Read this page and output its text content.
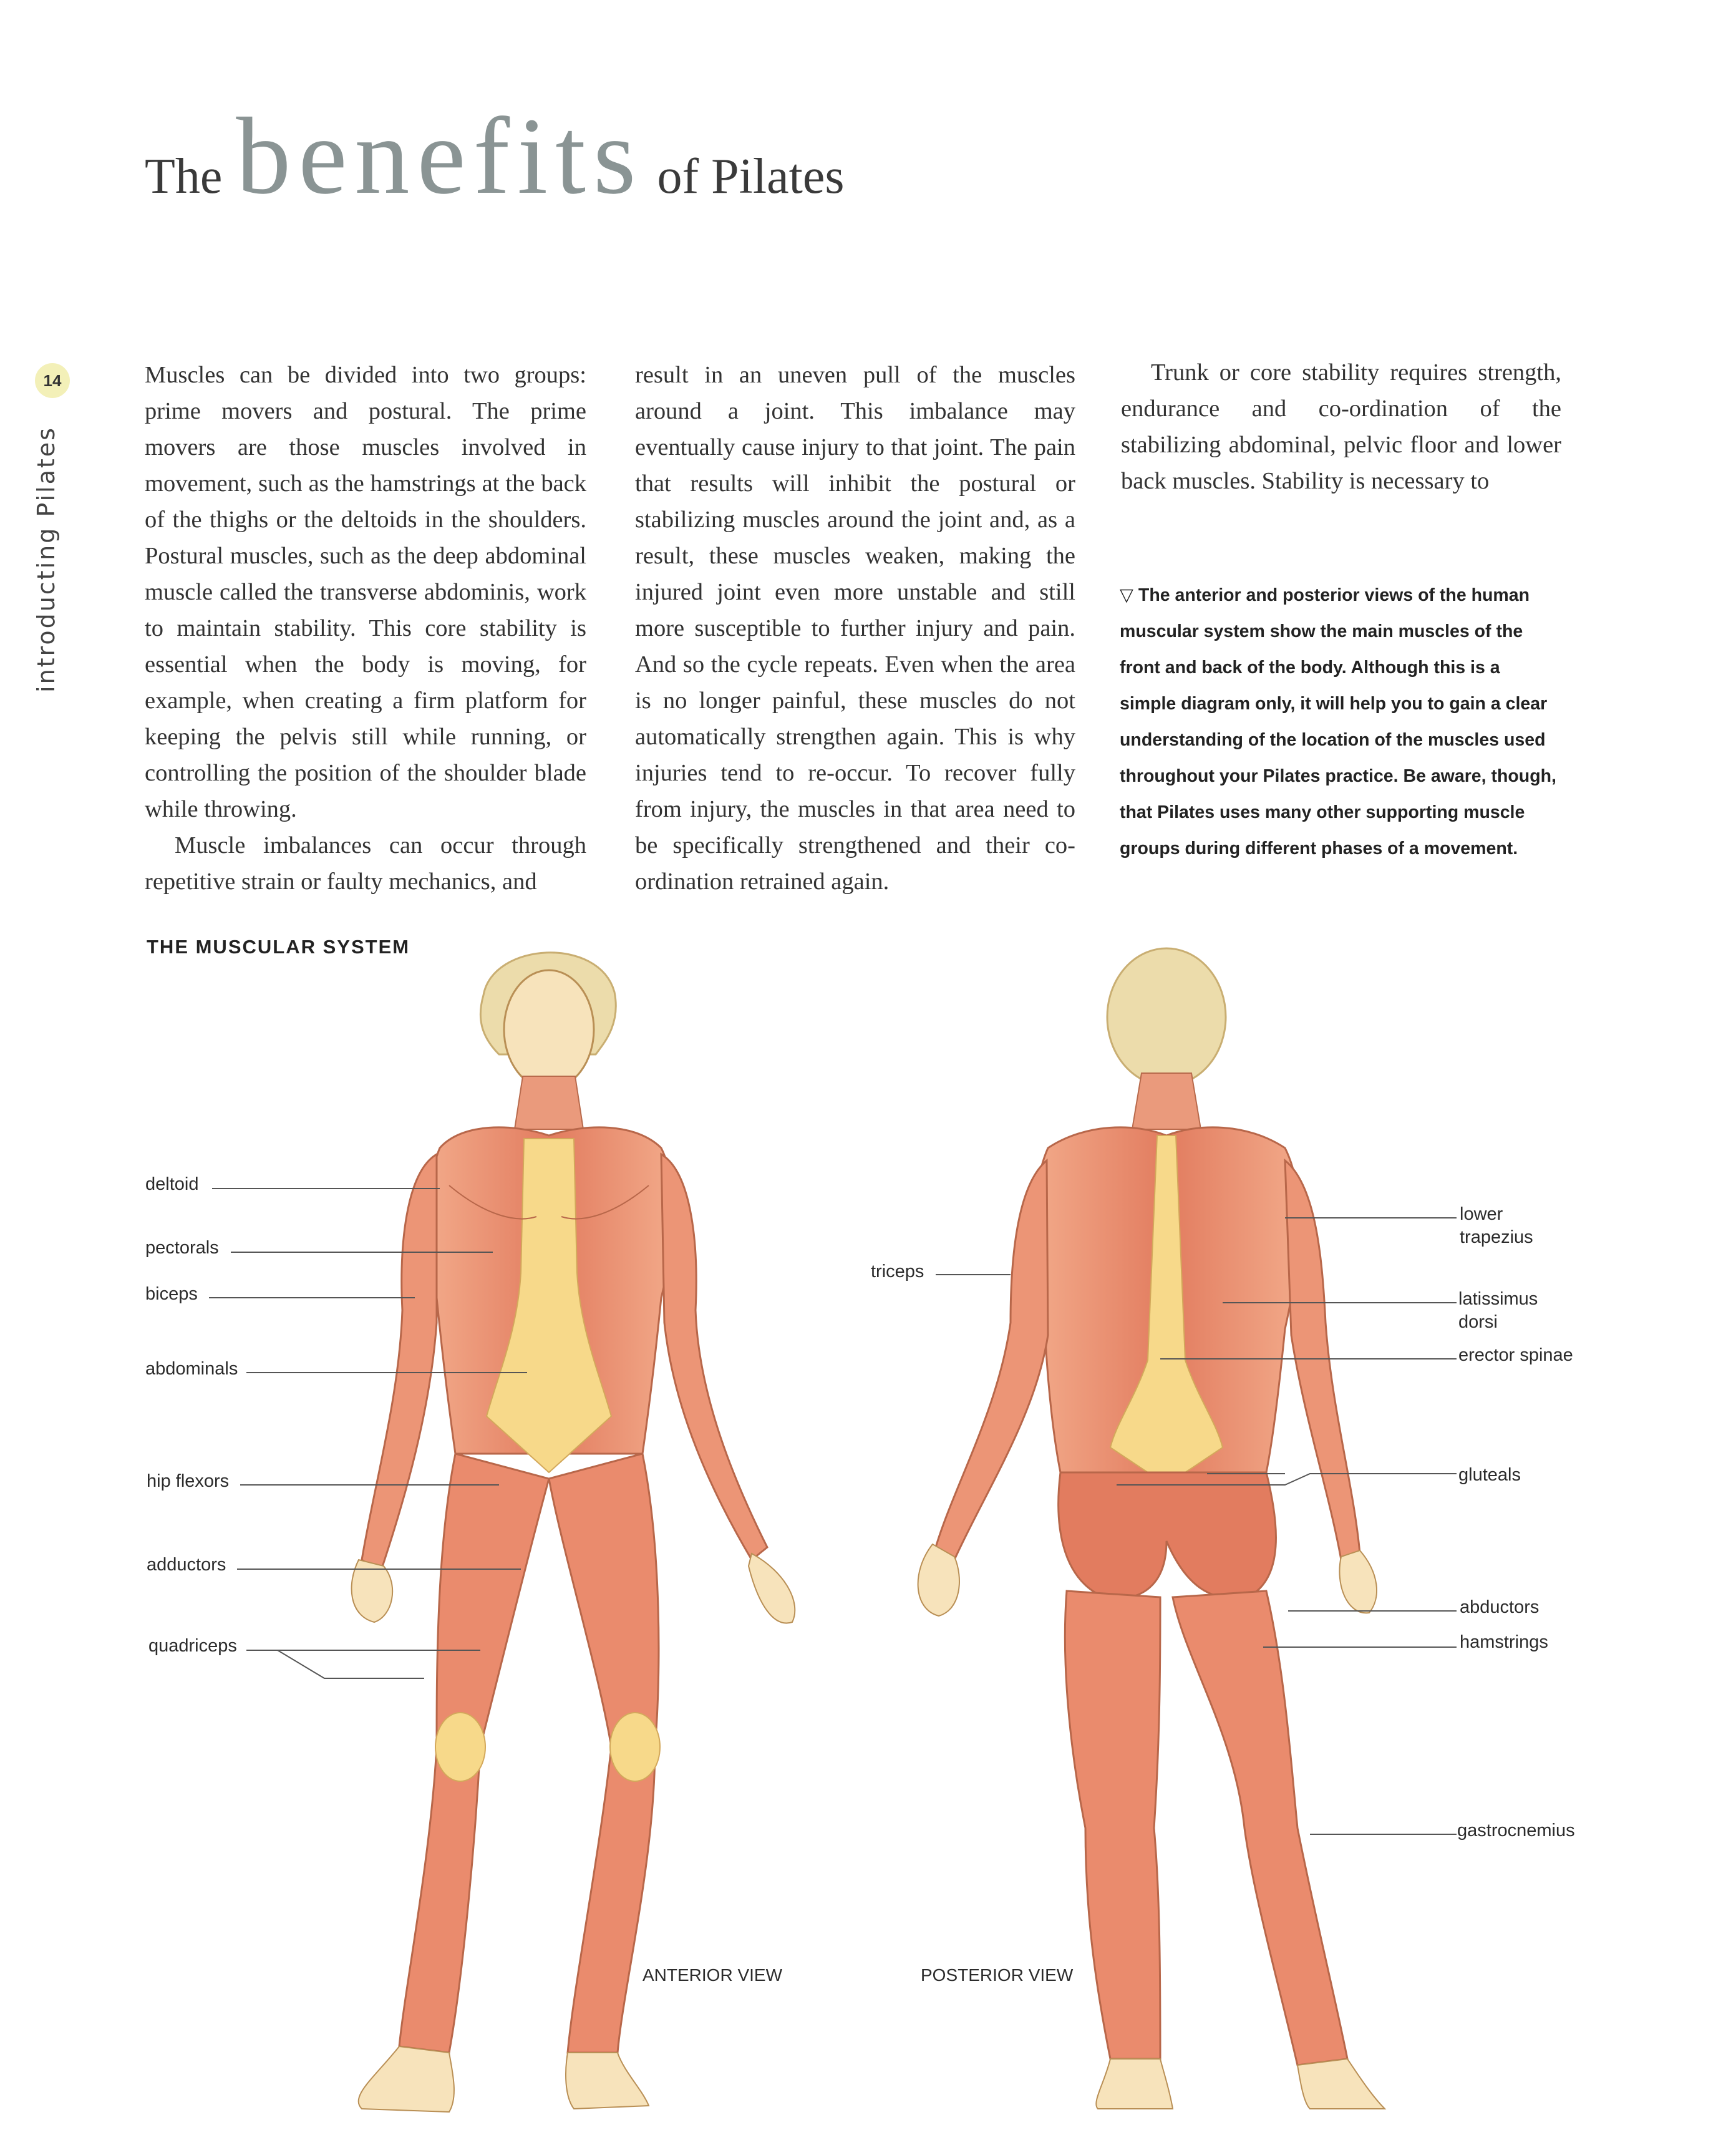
The benefits of Pilates
14
introducting Pilates

Muscles can be divided into two groups: prime movers and postural. The prime movers are those muscles involved in movement, such as the hamstrings at the back of the thighs or the deltoids in the shoulders. Postural muscles, such as the deep abdominal muscle called the transverse abdominis, work to maintain stability. This core stability is essential when the body is moving, for example, when creating a firm platform for keeping the pelvis still while running, or controlling the position of the shoulder blade while throwing.

Muscle imbalances can occur through repetitive strain or faulty mechanics, and

result in an uneven pull of the muscles around a joint. This imbalance may eventually cause injury to that joint. The pain that results will inhibit the postural or stabilizing muscles around the joint and, as a result, these muscles weaken, making the injured joint even more unstable and still more susceptible to further injury and pain. And so the cycle repeats. Even when the area is no longer painful, these muscles do not automatically strengthen again. This is why injuries tend to re-occur. To recover fully from injury, the muscles in that area need to be specifically strengthened and their co-ordination retrained again.

Trunk or core stability requires strength, endurance and co-ordination of the stabilizing abdominal, pelvic floor and lower back muscles. Stability is necessary to

▽ The anterior and posterior views of the human muscular system show the main muscles of the front and back of the body. Although this is a simple diagram only, it will help you to gain a clear understanding of the location of the muscles used throughout your Pilates practice. Be aware, though, that Pilates uses many other supporting muscle groups during different phases of a movement.
THE MUSCULAR SYSTEM
deltoid
pectorals
biceps
abdominals
hip flexors
adductors
quadriceps
triceps
lower
trapezius
latissimus
dorsi
erector spinae
gluteals
abductors
hamstrings
gastrocnemius
ANTERIOR VIEW	POSTERIOR VIEW
